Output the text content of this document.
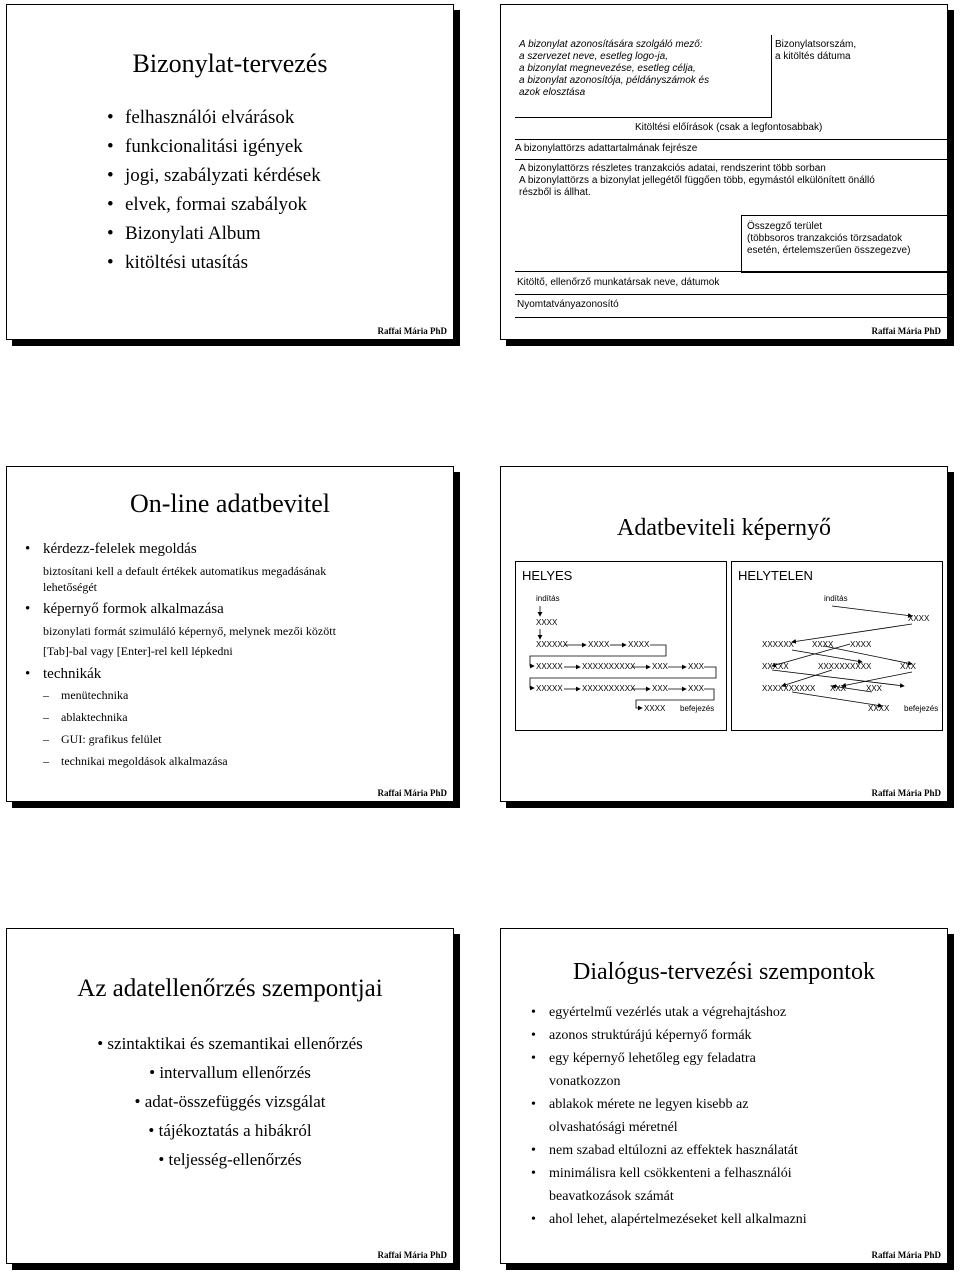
Bizonylat-tervezés
• felhasználói elvárások
• funkcionalitási igények
• jogi, szabályzati kérdések
• elvek, formai szabályok
• Bizonylati Album
• kitöltési utasítás
Raffai Mária PhD
A bizonylat azonosítására szolgáló mező:
a szervezet neve, esetleg logo-ja,
a bizonylat megnevezése, esetleg célja,
a bizonylat azonosítója, példányszámok és
azok elosztása
Bizonylatsorszám,
a kitöltés dátuma
Kitöltési előírások (csak a legfontosabbak)
A bizonylattörzs adattartalmának fejrésze
A bizonylattörzs részletes tranzakciós adatai, rendszerint több sorban
A bizonylattörzs a bizonylat jellegétől függően több, egymástól elkülönített önálló
részből is állhat.
Összegző terület
(többsoros tranzakciós törzsadatok
esetén, értelemszerűen összegezve)
Kitöltő, ellenőrző munkatársak neve, dátumok
Nyomtatványazonosító
Raffai Mária PhD
On-line adatbevitel
• kérdezz-felelek megoldás
biztosítani kell a default értékek automatikus megadásának
lehetőségét
• képernyő formok alkalmazása
bizonylati formát szimuláló képernyő, melynek mezői között
[Tab]-bal vagy [Enter]-rel kell lépkedni
• technikák
– menütechnika
– ablaktechnika
– GUI: grafikus felület
– technikai megoldások alkalmazása
Raffai Mária PhD
Adatbeviteli képernyő
HELYES
indítás
XXXX
XXXXXX XXXX XXXX
XXXXX XXXXXXXXXX XXX XXX
XXXXX XXXXXXXXXX XXX XXX
XXXX befejezés
HELYTELEN
indítás
XXXX
XXXXXX XXXX XXXX
XXXXX	XXXXXXXXXX	XXX
XXXXXXXXXX XXX XXX
XXXX befejezés
Raffai Mária PhD
Az adatellenőrzés szempontjai
• szintaktikai és szemantikai ellenőrzés
• intervallum ellenőrzés
• adat-összefüggés vizsgálat
• tájékoztatás a hibákról
• teljesség-ellenőrzés
Raffai Mária PhD
Dialógus-tervezési szempontok
• egyértelmű vezérlés utak a végrehajtáshoz
• azonos struktúrájú képernyő formák
• egy képernyő lehetőleg egy feladatra
vonatkozzon
• ablakok mérete ne legyen kisebb az
olvashatósági méretnél
• nem szabad eltúlozni az effektek használatát
• minimálisra kell csökkenteni a felhasználói
beavatkozások számát
• ahol lehet, alapértelmezéseket kell alkalmazni
Raffai Mária PhD
